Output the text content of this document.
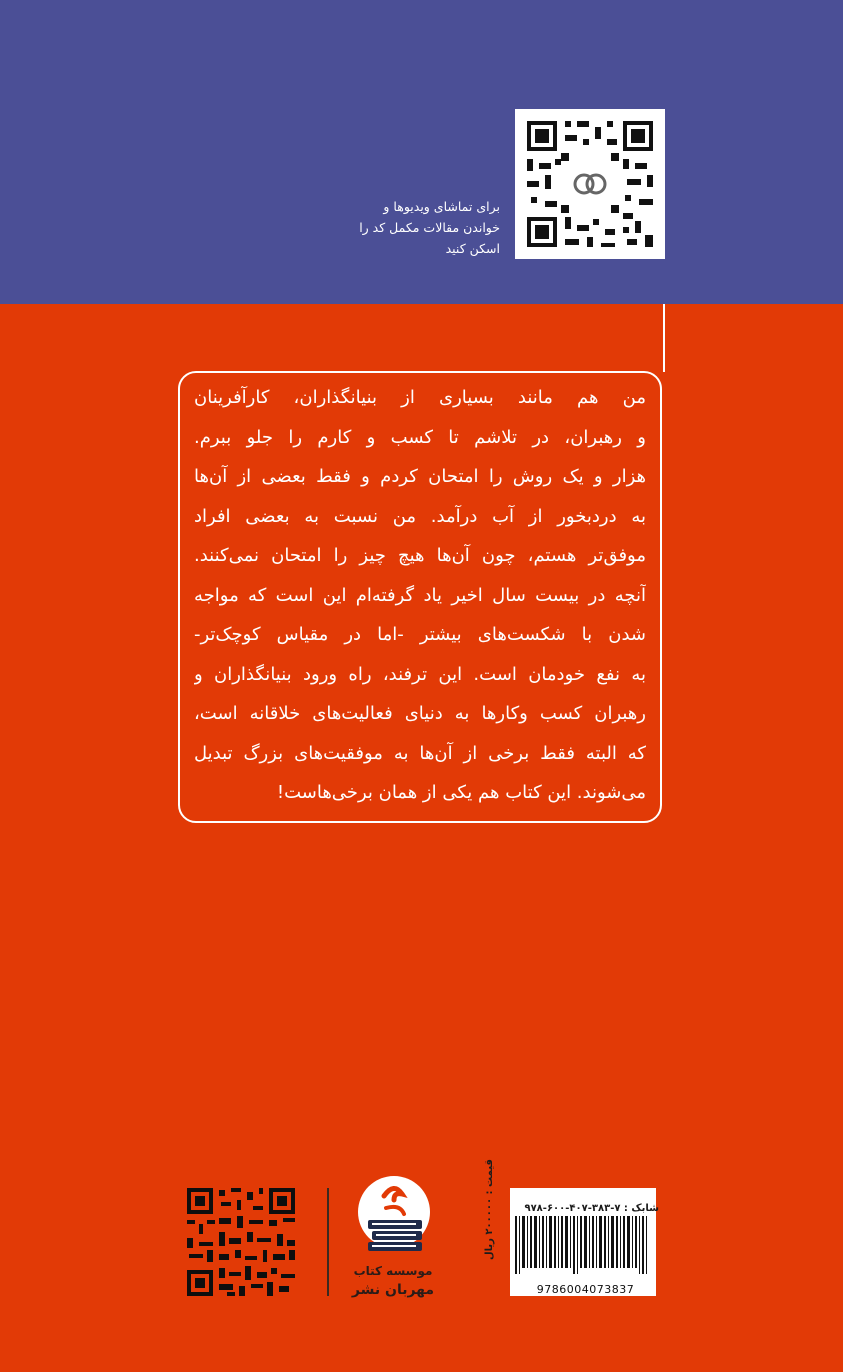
برای تماشای ویدیوها و
خواندن مقالات مکمل کد را
اسکن کنید
من هم مانند بسیاری از بنیانگذاران، کارآفرینان
و رهبران، در تلاشم تا کسب و کارم را جلو ببرم.
هزار و یک روش را امتحان کردم و فقط بعضی از آن‌ها
به دردبخور از آب درآمد. من نسبت به بعضی افراد
موفق‌تر هستم، چون آن‌ها هیچ چیز را امتحان نمی‌کنند.
آنچه در بیست سال اخیر یاد گرفته‌ام این است که مواجه
شدن با شکست‌های بیشتر -اما در مقیاس کوچک‌تر-
به نفع خودمان است. این ترفند، راه ورود بنیانگذاران و
رهبران کسب وکارها به دنیای فعالیت‌های خلاقانه است،
که البته فقط برخی از آن‌ها به موفقیت‌های بزرگ تبدیل
می‌شوند. این کتاب هم یکی از همان برخی‌هاست!
موسسه کتاب
مهربان نشر
شابک : ۷-۳۸۳-۴۰۷-۶۰۰-۹۷۸
9786004073837
قیمت : ۲۰۰۰۰۰ ریال
